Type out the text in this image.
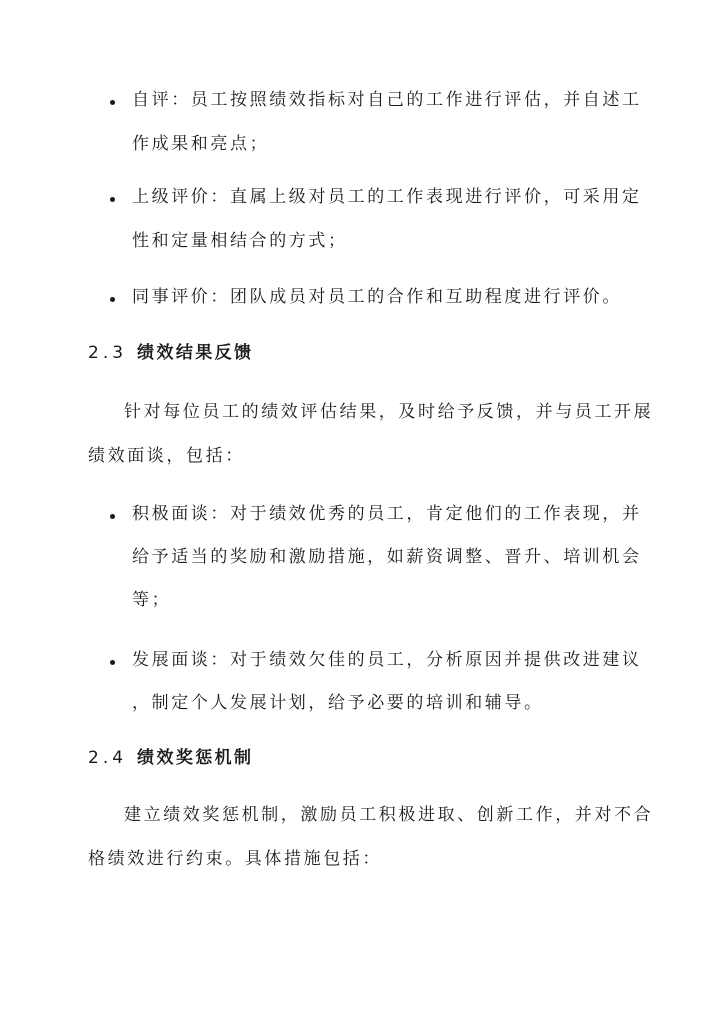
自评：员工按照绩效指标对自己的工作进行评估，并自述工
作成果和亮点；
上级评价：直属上级对员工的工作表现进行评价，可采用定
性和定量相结合的方式；
同事评价：团队成员对员工的合作和互助程度进行评价。
2.3 绩效结果反馈
针对每位员工的绩效评估结果，及时给予反馈，并与员工开展
绩效面谈，包括：
积极面谈：对于绩效优秀的员工，肯定他们的工作表现，并
给予适当的奖励和激励措施，如薪资调整、晋升、培训机会
等；
发展面谈：对于绩效欠佳的员工，分析原因并提供改进建议
，制定个人发展计划，给予必要的培训和辅导。
2.4 绩效奖惩机制
建立绩效奖惩机制，激励员工积极进取、创新工作，并对不合
格绩效进行约束。具体措施包括：
